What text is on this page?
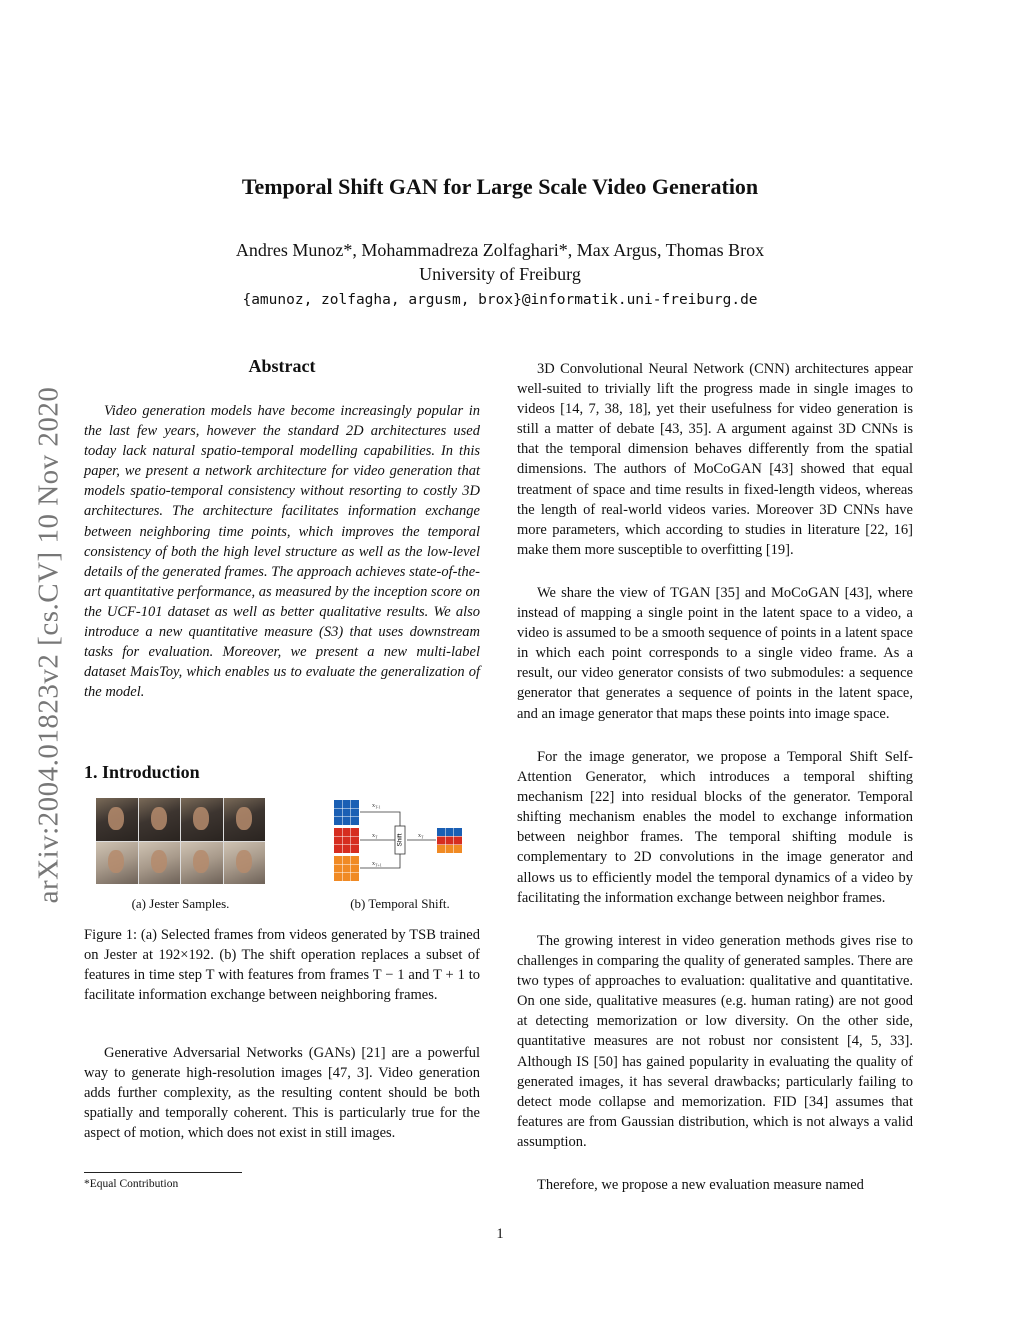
arXiv:2004.01823v2 [cs.CV] 10 Nov 2020
Temporal Shift GAN for Large Scale Video Generation
Andres Munoz*, Mohammadreza Zolfaghari*, Max Argus, Thomas Brox
University of Freiburg
{amunoz, zolfagha, argusm, brox}@informatik.uni-freiburg.de
Abstract
Video generation models have become increasingly popular in the last few years, however the standard 2D architectures used today lack natural spatio-temporal modelling capabilities. In this paper, we present a network architecture for video generation that models spatio-temporal consistency without resorting to costly 3D architectures. The architecture facilitates information exchange between neighboring time points, which improves the temporal consistency of both the high level structure as well as the low-level details of the generated frames. The approach achieves state-of-the-art quantitative performance, as measured by the inception score on the UCF-101 dataset as well as better qualitative results. We also introduce a new quantitative measure (S3) that uses downstream tasks for evaluation. Moreover, we present a new multi-label dataset MaisToy, which enables us to evaluate the generalization of the model.
1. Introduction
Shift
$x_{T-1}$
$x_T$
$x_{T+1}$
$x_T$
(a) Jester Samples.	(b) Temporal Shift.
Figure 1: (a) Selected frames from videos generated by TSB trained on Jester at 192×192. (b) The shift operation replaces a subset of features in time step T with features from frames T − 1 and T + 1 to facilitate information exchange between neighboring frames.
Generative Adversarial Networks (GANs) [21] are a powerful way to generate high-resolution images [47, 3]. Video generation adds further complexity, as the resulting content should be both spatially and temporally coherent. This is particularly true for the aspect of motion, which does not exist in still images.
*Equal Contribution

3D Convolutional Neural Network (CNN) architectures appear well-suited to trivially lift the progress made in single images to videos [14, 7, 38, 18], yet their usefulness for video generation is still a matter of debate [43, 35]. A argument against 3D CNNs is that the temporal dimension behaves differently from the spatial dimensions. The authors of MoCoGAN [43] showed that equal treatment of space and time results in fixed-length videos, whereas the length of real-world videos varies. Moreover 3D CNNs have more parameters, which according to studies in literature [22, 16] make them more susceptible to overfitting [19].

We share the view of TGAN [35] and MoCoGAN [43], where instead of mapping a single point in the latent space to a video, a video is assumed to be a smooth sequence of points in a latent space in which each point corresponds to a single video frame. As a result, our video generator consists of two submodules: a sequence generator that generates a sequence of points in the latent space, and an image generator that maps these points into image space.

For the image generator, we propose a Temporal Shift Self-Attention Generator, which introduces a temporal shifting mechanism [22] into residual blocks of the generator. Temporal shifting mechanism enables the model to exchange information between neighbor frames. The temporal shifting module is complementary to 2D convolutions in the image generator and allows us to efficiently model the temporal dynamics of a video by facilitating the information exchange between neighbor frames.

The growing interest in video generation methods gives rise to challenges in comparing the quality of generated samples. There are two types of approaches to evaluation: qualitative and quantitative. On one side, qualitative measures (e.g. human rating) are not good at detecting memorization or low diversity. On the other side, quantitative measures are not robust nor consistent [4, 5, 33]. Although IS [50] has gained popularity in evaluating the quality of generated images, it has several drawbacks; particularly failing to detect mode collapse and memorization. FID [34] assumes that features are from Gaussian distribution, which is not always a valid assumption.

Therefore, we propose a new evaluation measure named

1
